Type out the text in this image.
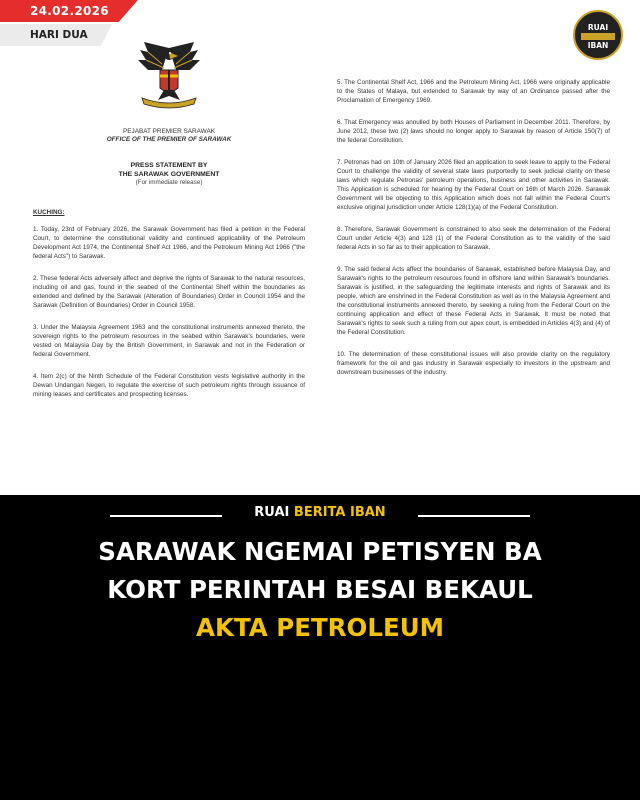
PEJABAT PREMIER SARAWAK
OFFICE OF THE PREMIER OF SARAWAK
PRESS STATEMENT BY
THE SARAWAK GOVERNMENT
(For immediate release)

KUCHING:

1. Today, 23rd of February 2026, the Sarawak Government has filed a petition in the Federal Court, to determine the constitutional validity and continued applicability of the Petroleum Development Act 1974, the Continental Shelf Act 1966, and the Petroleum Mining Act 1966 ("the federal Acts") to Sarawak.

2. These federal Acts adversely affect and deprive the rights of Sarawak to the natural resources, including oil and gas, found in the seabed of the Continental Shelf within the boundaries as extended and defined by the Sarawak (Alteration of Boundaries) Order in Council 1954 and the Sarawak (Definition of Boundaries) Order in Council 1958.

3. Under the Malaysia Agreement 1963 and the constitutional instruments annexed thereto, the sovereign rights to the petroleum resources in the seabed within Sarawak's boundaries, were vested on Malaysia Day by the British Government, in Sarawak and not in the Federation or federal Government.

4. Item 2(c) of the Ninth Schedule of the Federal Constitution vests legislative authority in the Dewan Undangan Negeri, to regulate the exercise of such petroleum rights through issuance of mining leases and certificates and prospecting licenses.

5. The Continental Shelf Act, 1966 and the Petroleum Mining Act, 1966 were originally applicable to the States of Malaya, but extended to Sarawak by way of an Ordinance passed after the Proclamation of Emergency 1969.

6. That Emergency was annulled by both Houses of Parliament in December 2011. Therefore, by June 2012, these two (2) laws should no longer apply to Sarawak by reason of Article 150(7) of the federal Constitution.

7. Petronas had on 10th of January 2026 filed an application to seek leave to apply to the Federal Court to challenge the validity of several state laws purportedly to seek judicial clarity on these laws which regulate Petronas' petroleum operations, business and other activities in Sarawak. This Application is scheduled for hearing by the Federal Court on 16th of March 2026. Sarawak Government will be objecting to this Application which does not fall within the Federal Court's exclusive original jurisdiction under Article 128(1)(a) of the Federal Constitution.

8. Therefore, Sarawak Government is constrained to also seek the determination of the Federal Court under Article 4(3) and 128 (1) of the Federal Constitution as to the validity of the said federal Acts in so far as to their application to Sarawak.

9. The said federal Acts affect the boundaries of Sarawak, established before Malaysia Day, and Sarawak's rights to the petroleum resources found in offshore land within Sarawak's boundaries. Sarawak is justified, in the safeguarding the legitimate interests and rights of Sarawak and its people, which are enshrined in the Federal Constitution as well as in the Malaysia Agreement and the constitutional instruments annexed thereto, by seeking a ruling from the Federal Court on the continuing application and effect of these Federal Acts in Sarawak. It must be noted that Sarawak's rights to seek such a ruling from our apex court, is embedded in Articles 4(3) and (4) of the Federal Constitution.

10. The determination of these constitutional issues will also provide clarity on the regulatory framework for the oil and gas industry in Sarawak especially to investors in the upstream and downstream businesses of the industry.

24.02.2026
HARI DUA
RUAI
IBAN
RUAI BERITA IBAN
SARAWAK NGEMAI PETISYEN BA
KORT PERINTAH BESAI BEKAUL
AKTA PETROLEUM
